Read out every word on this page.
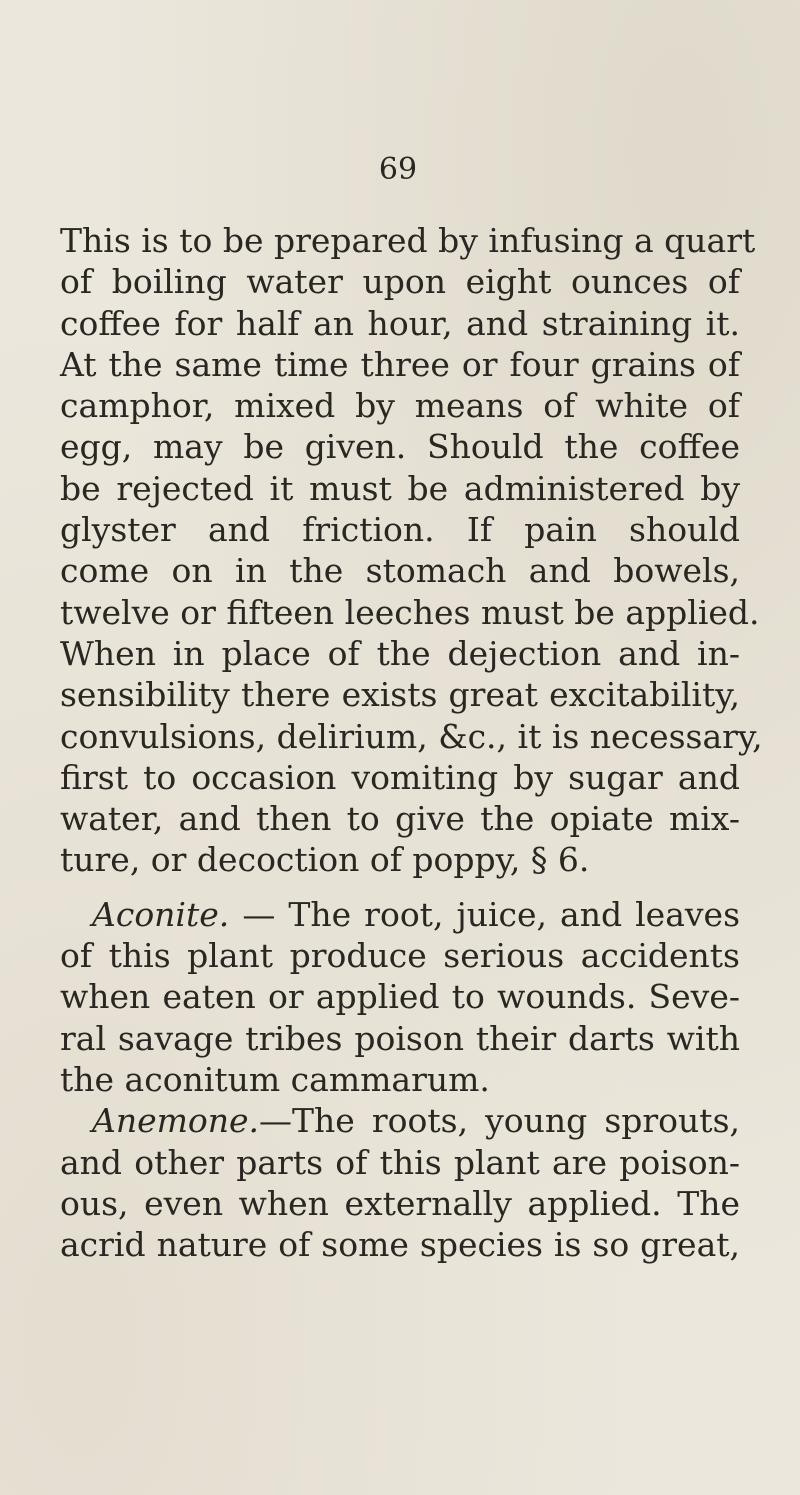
69
This is to be prepared by infusing a quart
of boiling water upon eight ounces of
coffee for half an hour, and straining it.
At the same time three or four grains of
camphor, mixed by means of white of
egg, may be given. Should the coffee
be rejected it must be administered by
glyster and friction. If pain should
come on in the stomach and bowels,
twelve or fifteen leeches must be applied.
When in place of the dejection and in-
sensibility there exists great excitability,
convulsions, delirium, &c., it is necessary,
first to occasion vomiting by sugar and
water, and then to give the opiate mix-
ture, or decoction of poppy, § 6.
Aconite. — The root, juice, and leaves
of this plant produce serious accidents
when eaten or applied to wounds. Seve-
ral savage tribes poison their darts with
the aconitum cammarum.
Anemone.—The roots, young sprouts,
and other parts of this plant are poison-
ous, even when externally applied. The
acrid nature of some species is so great,
